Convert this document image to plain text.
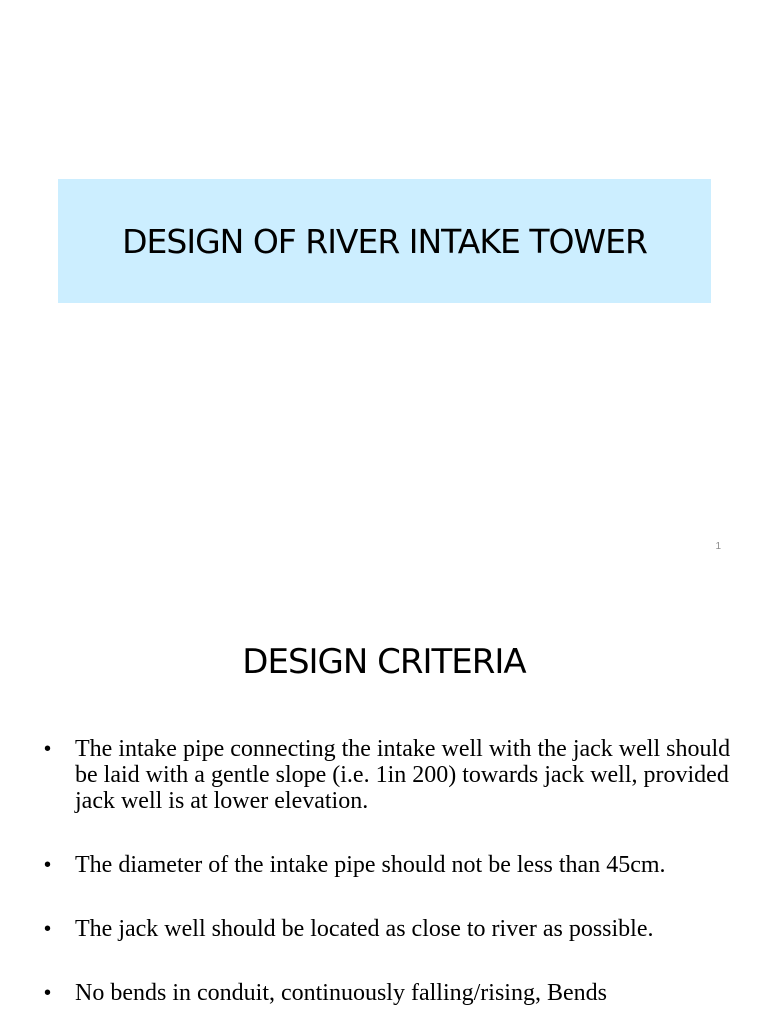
DESIGN OF RIVER INTAKE TOWER
1
DESIGN CRITERIA
• The intake pipe connecting the intake well with the jack well should be laid with a gentle slope (i.e. 1in 200) towards jack well, provided jack well is at lower elevation.
• The diameter of the intake pipe should not be less than 45cm.
• The jack well should be located as close to river as possible.
• No bends in conduit, continuously falling/rising, Bends
